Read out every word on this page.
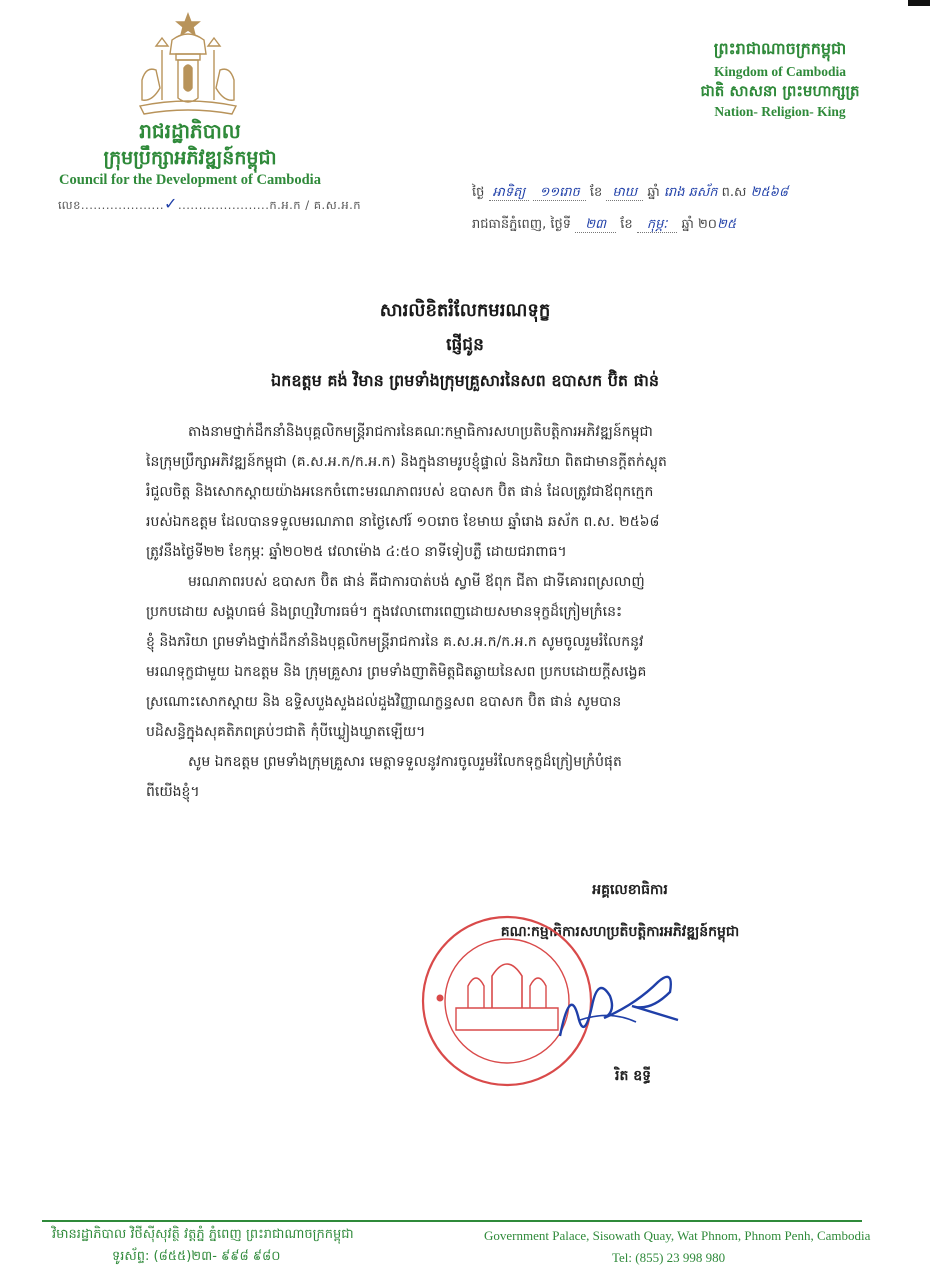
រាជរដ្ឋាភិបាល
ក្រុមប្រឹក្សាអភិវឌ្ឍន៍កម្ពុជា
Council for the Development of Cambodia
លេខ....................✓......................ក.អ.ក / គ.ស.អ.ក
ព្រះរាជាណាចក្រកម្ពុជា
Kingdom of Cambodia
ជាតិ សាសនា ព្រះមហាក្សត្រ
Nation- Religion- King
ថ្ងៃ អាទិត្យ ១១រោច ខែ មាឃ ឆ្នាំ រោង ឆស័ក ព.ស ២៥៦៨
រាជធានីភ្នំពេញ, ថ្ងៃទី ២៣ ខែ កុម្ភៈ ឆ្នាំ ២០២៥
សារលិខិតរំលែកមរណទុក្ខ
ផ្ញើជូន
ឯកឧត្តម គង់ វិមាន ព្រមទាំងក្រុមគ្រួសារនៃសព ឧបាសក ប៊ិត ផាន់
តាងនាមថ្នាក់ដឹកនាំនិងបុគ្គលិកមន្ត្រីរាជការនៃគណៈកម្មាធិការសហប្រតិបត្តិការអភិវឌ្ឍន៍កម្ពុជា
នៃក្រុមប្រឹក្សាអភិវឌ្ឍន៍កម្ពុជា (គ.ស.អ.ក/ក.អ.ក) និងក្នុងនាមរូបខ្ញុំផ្ទាល់ និងភរិយា ពិតជាមានក្ដីតក់ស្លុត
រំជួលចិត្ត និងសោកស្ដាយយ៉ាងអនេកចំពោះមរណភាពរបស់ ឧបាសក ប៊ិត ផាន់ ដែលត្រូវជាឪពុកក្មេក
របស់ឯកឧត្តម ដែលបានទទួលមរណភាព នាថ្ងៃសៅរ៍ ១០រោច ខែមាឃ ឆ្នាំរោង ឆស័ក ព.ស. ២៥៦៨
ត្រូវនឹងថ្ងៃទី២២ ខែកុម្ភៈ ឆ្នាំ២០២៥ វេលាម៉ោង ៤:៥០ នាទីទៀបភ្លឺ ដោយជរាពាធ។
មរណភាពរបស់ ឧបាសក ប៊ិត ផាន់ គឺជាការបាត់បង់ ស្វាមី ឪពុក ជីតា ជាទីគោរពស្រលាញ់
ប្រកបដោយ សង្គហធម៌ និងព្រហ្មវិហារធម៌។ ក្នុងវេលាពោរពេញដោយសមានទុក្ខដ៏ក្រៀមក្រំនេះ
ខ្ញុំ និងភរិយា ព្រមទាំងថ្នាក់ដឹកនាំនិងបុគ្គលិកមន្ត្រីរាជការនៃ គ.ស.អ.ក/ក.អ.ក សូមចូលរួមរំលែកនូវ
មរណទុក្ខជាមួយ ឯកឧត្តម និង ក្រុមគ្រួសារ ព្រមទាំងញាតិមិត្តជិតឆ្ងាយនៃសព ប្រកបដោយក្ដីសង្វេគ
ស្រណោះសោកស្ដាយ និង ឧទ្ទិសបួងសួងដល់ដួងវិញ្ញាណក្ខន្ធសព ឧបាសក ប៊ិត ផាន់ សូមបាន
បដិសន្ធិក្នុងសុគតិភពគ្រប់ៗជាតិ កុំបីឃ្លៀងឃ្លាតឡើយ។
សូម ឯកឧត្តម ព្រមទាំងក្រុមគ្រួសារ មេត្តាទទួលនូវការចូលរួមរំលែកទុក្ខដ៏ក្រៀមក្រំបំផុត
ពីយើងខ្ញុំ។
អគ្គលេខាធិការ
គណៈកម្មាធិការសហប្រតិបត្តិការអភិវឌ្ឍន៍កម្ពុជា
រិត ឧទ្ធី
វិមានរដ្ឋាភិបាល វិថីស៊ីសុវត្ថិ វត្តភ្នំ ភ្នំពេញ ព្រះរាជាណាចក្រកម្ពុជា
ទូរស័ព្ទ: (៨៥៥)២៣- ៩៩៨ ៩៨០
Government Palace, Sisowath Quay, Wat Phnom, Phnom Penh, Cambodia
Tel: (855) 23 998 980
